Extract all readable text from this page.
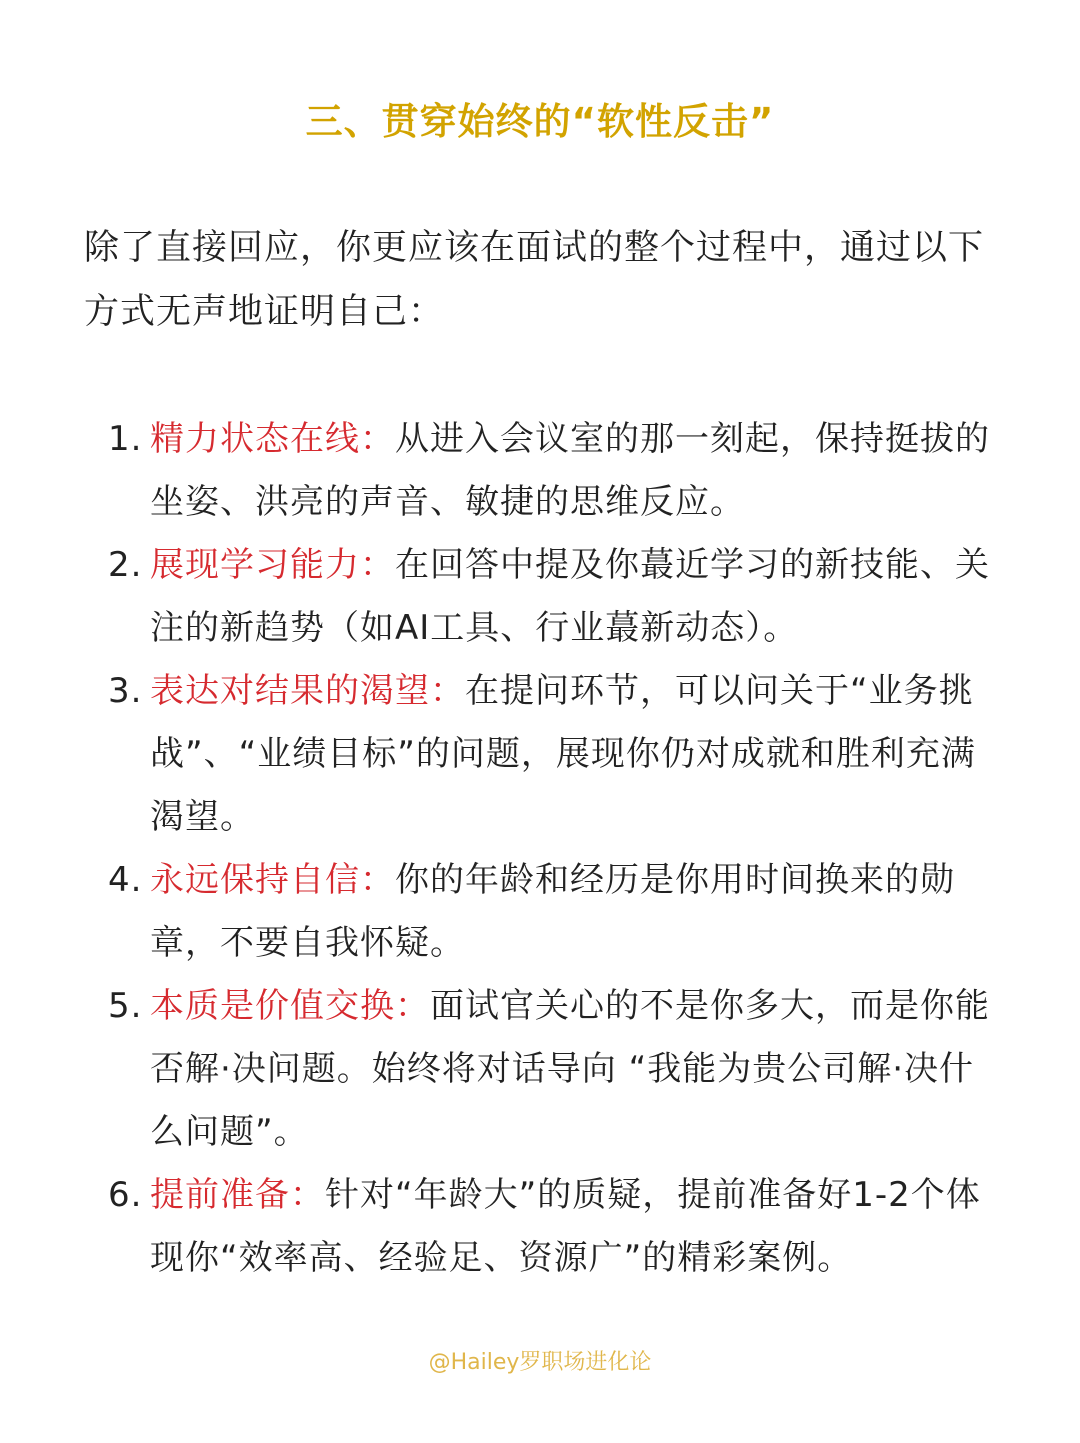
三、贯穿始终的“软性反击”
除了直接回应，你更应该在面试的整个过程中，通过以下方式无声地证明自己：
1. 精力状态在线：从进入会议室的那一刻起，保持挺拔的坐姿、洪亮的声音、敏捷的思维反应。
2. 展现学习能力：在回答中提及你蕞近学习的新技能、关注的新趋势（如AI工具、行业蕞新动态）。
3. 表达对结果的渴望：在提问环节，可以问关于“业务挑战”、“业绩目标”的问题，展现你仍对成就和胜利充满渴望。
4. 永远保持自信：你的年龄和经历是你用时间换来的勋章，不要自我怀疑。
5. 本质是价值交换：面试官关心的不是你多大，而是你能否解·决问题。始终将对话导向 “我能为贵公司解·决什么问题”。
6. 提前准备：针对“年龄大”的质疑，提前准备好1-2个体现你“效率高、经验足、资源广”的精彩案例。
@Hailey罗职场进化论
